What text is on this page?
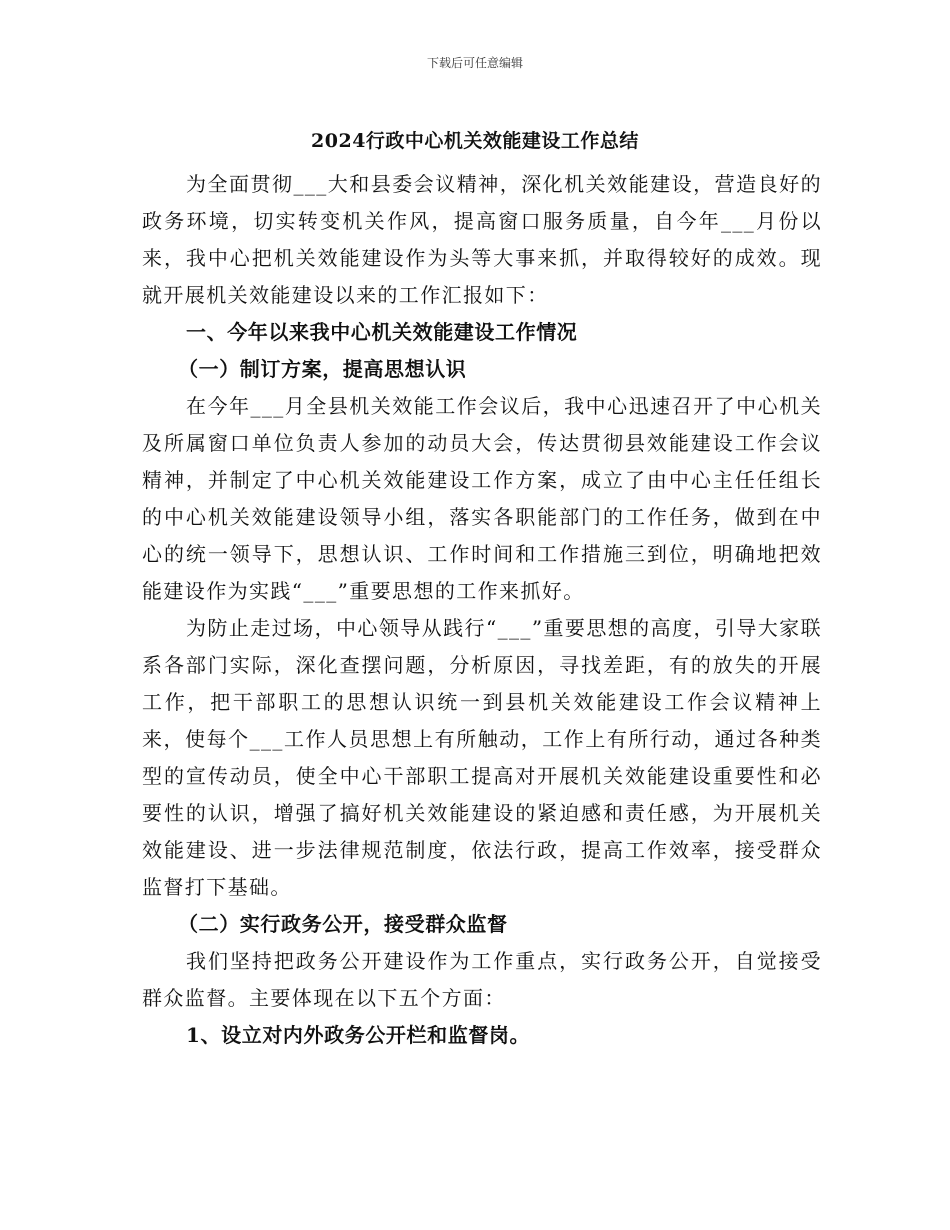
下载后可任意编辑
2024行政中心机关效能建设工作总结

为全面贯彻___大和县委会议精神，深化机关效能建设，营造良好的政务环境，切实转变机关作风，提高窗口服务质量，自今年___月份以来，我中心把机关效能建设作为头等大事来抓，并取得较好的成效。现就开展机关效能建设以来的工作汇报如下：

一、今年以来我中心机关效能建设工作情况

（一）制订方案，提高思想认识

在今年___月全县机关效能工作会议后，我中心迅速召开了中心机关及所属窗口单位负责人参加的动员大会，传达贯彻县效能建设工作会议精神，并制定了中心机关效能建设工作方案，成立了由中心主任任组长的中心机关效能建设领导小组，落实各职能部门的工作任务，做到在中心的统一领导下，思想认识、工作时间和工作措施三到位，明确地把效能建设作为实践“___”重要思想的工作来抓好。

为防止走过场，中心领导从践行“___”重要思想的高度，引导大家联系各部门实际，深化查摆问题，分析原因，寻找差距，有的放失的开展工作，把干部职工的思想认识统一到县机关效能建设工作会议精神上来，使每个___工作人员思想上有所触动，工作上有所行动，通过各种类型的宣传动员，使全中心干部职工提高对开展机关效能建设重要性和必要性的认识，增强了搞好机关效能建设的紧迫感和责任感，为开展机关效能建设、进一步法律规范制度，依法行政，提高工作效率，接受群众监督打下基础。

（二）实行政务公开，接受群众监督

我们坚持把政务公开建设作为工作重点，实行政务公开，自觉接受群众监督。主要体现在以下五个方面：

1、设立对内外政务公开栏和监督岗。
